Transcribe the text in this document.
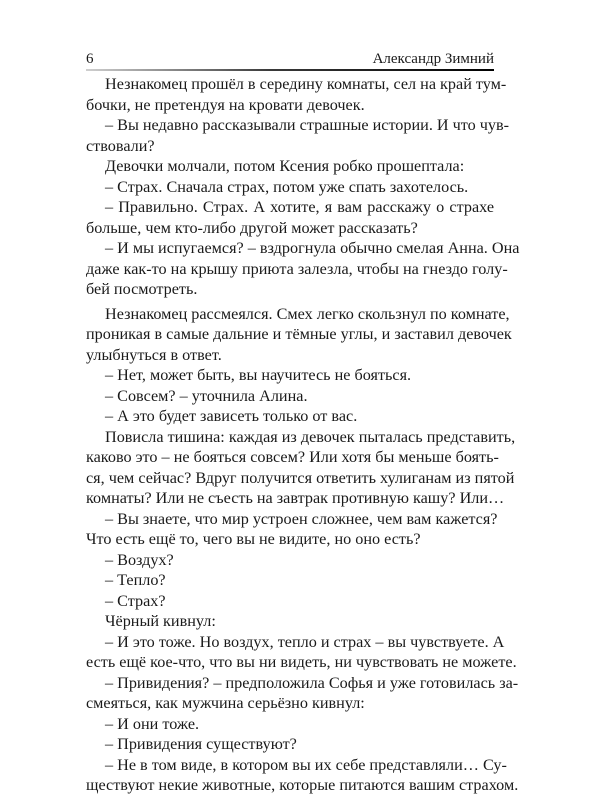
6	Александр Зимний
Незнакомец прошёл в середину комнаты, сел на край тум-
бочки, не претендуя на кровати девочек.
– Вы недавно рассказывали страшные истории. И что чув-
ствовали?
Девочки молчали, потом Ксения робко прошептала:
– Страх. Сначала страх, потом уже спать захотелось.
– Правильно. Страх. А хотите, я вам расскажу о страхе
больше, чем кто-либо другой может рассказать?
– И мы испугаемся? – вздрогнула обычно смелая Анна. Она
даже как-то на крышу приюта залезла, чтобы на гнездо голу-
бей посмотреть.
Незнакомец рассмеялся. Смех легко скользнул по комнате,
проникая в самые дальние и тёмные углы, и заставил девочек
улыбнуться в ответ.
– Нет, может быть, вы научитесь не бояться.
– Совсем? – уточнила Алина.
– А это будет зависеть только от вас.
Повисла тишина: каждая из девочек пыталась представить,
каково это – не бояться совсем? Или хотя бы меньше боять-
ся, чем сейчас? Вдруг получится ответить хулиганам из пятой
комнаты? Или не съесть на завтрак противную кашу? Или…
– Вы знаете, что мир устроен сложнее, чем вам кажется?
Что есть ещё то, чего вы не видите, но оно есть?
– Воздух?
– Тепло?
– Страх?
Чёрный кивнул:
– И это тоже. Но воздух, тепло и страх – вы чувствуете. А
есть ещё кое-что, что вы ни видеть, ни чувствовать не можете.
– Привидения? – предположила Софья и уже готовилась за-
смеяться, как мужчина серьёзно кивнул:
– И они тоже.
– Привидения существуют?
– Не в том виде, в котором вы их себе представляли… Су-
ществуют некие животные, которые питаются вашим страхом.
